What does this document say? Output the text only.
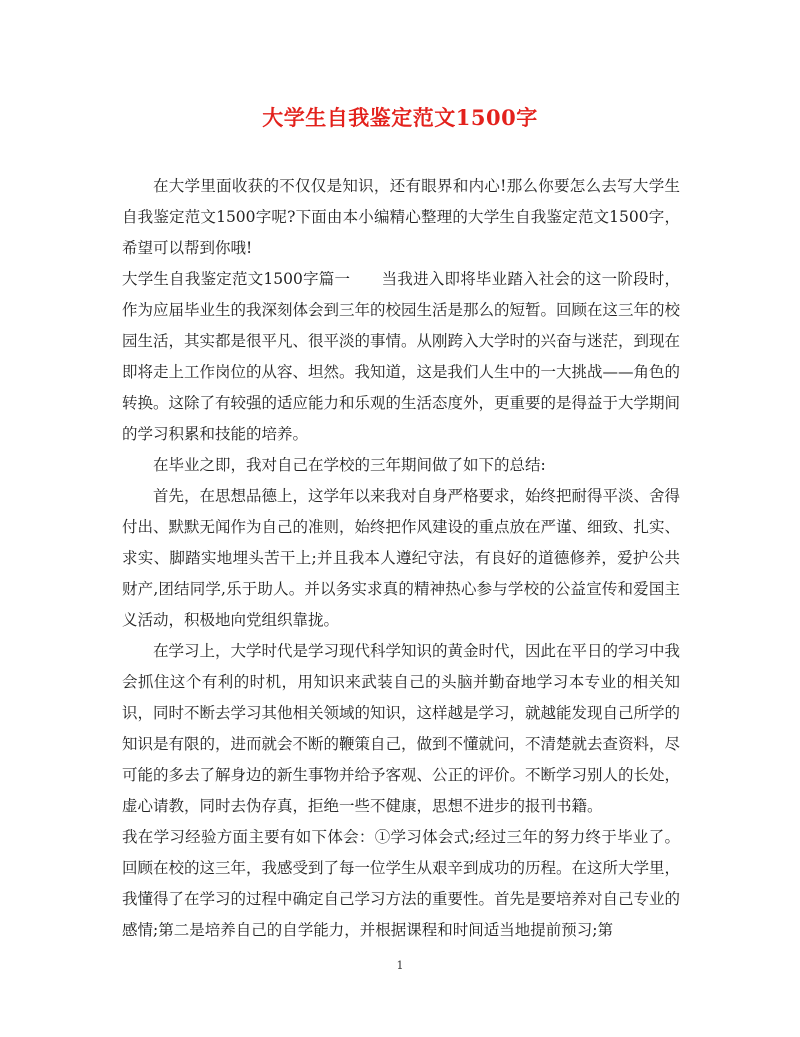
大学生自我鉴定范文1500字

在大学里面收获的不仅仅是知识，还有眼界和内心!那么你要怎么去写大学生自我鉴定范文1500字呢?下面由本小编精心整理的大学生自我鉴定范文1500字，希望可以帮到你哦!

大学生自我鉴定范文1500字篇一　　当我进入即将毕业踏入社会的这一阶段时，作为应届毕业生的我深刻体会到三年的校园生活是那么的短暂。回顾在这三年的校园生活，其实都是很平凡、很平淡的事情。从刚跨入大学时的兴奋与迷茫，到现在即将走上工作岗位的从容、坦然。我知道，这是我们人生中的一大挑战——角色的转换。这除了有较强的适应能力和乐观的生活态度外，更重要的是得益于大学期间的学习积累和技能的培养。

在毕业之即，我对自己在学校的三年期间做了如下的总结:

首先，在思想品德上，这学年以来我对自身严格要求，始终把耐得平淡、舍得付出、默默无闻作为自己的准则，始终把作风建设的重点放在严谨、细致、扎实、求实、脚踏实地埋头苦干上;并且我本人遵纪守法，有良好的道德修养，爱护公共财产,团结同学,乐于助人。并以务实求真的精神热心参与学校的公益宣传和爱国主义活动，积极地向党组织靠拢。

在学习上，大学时代是学习现代科学知识的黄金时代，因此在平日的学习中我会抓住这个有利的时机，用知识来武装自己的头脑并勤奋地学习本专业的相关知识，同时不断去学习其他相关领域的知识，这样越是学习，就越能发现自己所学的知识是有限的，进而就会不断的鞭策自己，做到不懂就问，不清楚就去查资料，尽可能的多去了解身边的新生事物并给予客观、公正的评价。不断学习别人的长处，虚心请教，同时去伪存真，拒绝一些不健康，思想不进步的报刊书籍。

我在学习经验方面主要有如下体会：①学习体会式;经过三年的努力终于毕业了。回顾在校的这三年，我感受到了每一位学生从艰辛到成功的历程。在这所大学里，我懂得了在学习的过程中确定自己学习方法的重要性。首先是要培养对自己专业的感情;第二是培养自己的自学能力，并根据课程和时间适当地提前预习;第

1
